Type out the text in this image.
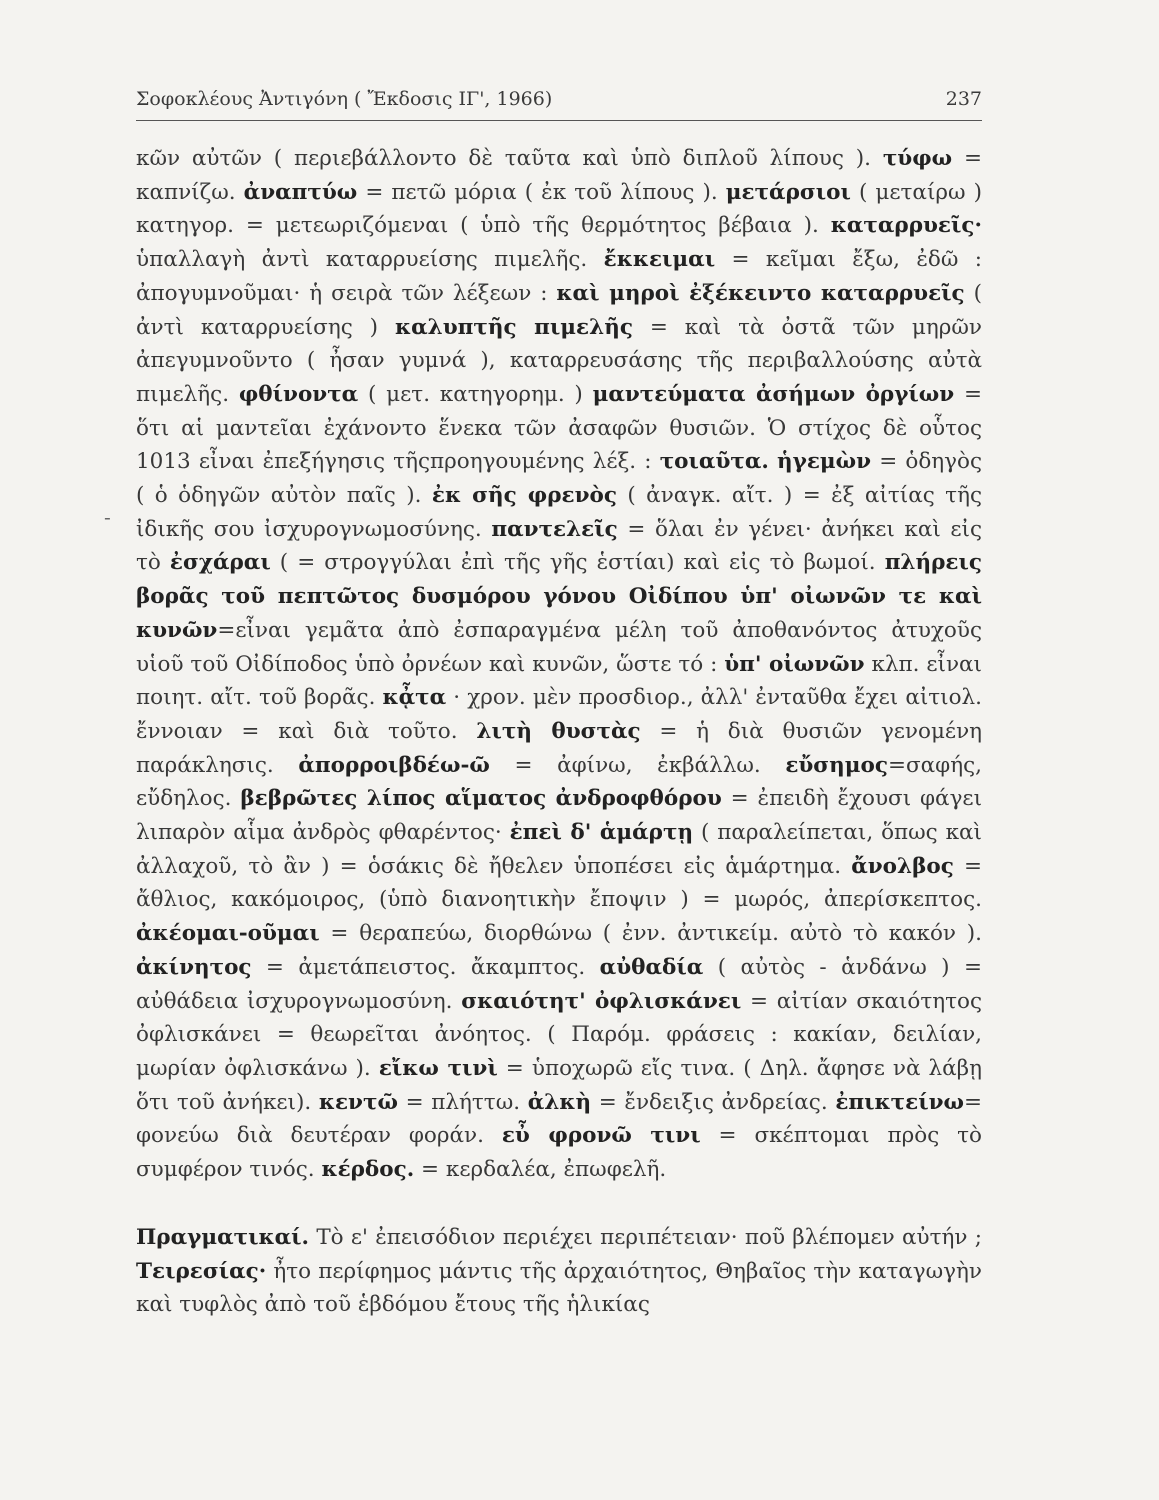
Σοφοκλέους Ἀντιγόνη ( Ἔκδοσις ΙΓ', 1966)	237
-

κῶν αὐτῶν ( περιεβάλλοντο δὲ ταῦτα καὶ ὑπὸ διπλοῦ λίπους ). τύφω = καπνίζω. ἀναπτύω = πετῶ μόρια ( ἐκ τοῦ λίπους ). μετάρσιοι ( μεταίρω ) κατηγορ. = μετεωριζόμεναι ( ὑπὸ τῆς θερμότητος βέβαια ). καταρρυεῖς· ὑπαλλαγὴ ἀντὶ καταρρυείσης πιμελῆς. ἔκκειμαι = κεῖμαι ἔξω, ἐδῶ : ἀπογυμνοῦμαι· ἡ σειρὰ τῶν λέξεων : καὶ μηροὶ ἐξέκειντο καταρρυεῖς ( ἀντὶ καταρρυείσης ) καλυπτῆς πιμελῆς = καὶ τὰ ὀστᾶ τῶν μηρῶν ἀπεγυμνοῦντο ( ἦσαν γυμνά ), καταρρευσάσης τῆς περιβαλλούσης αὐτὰ πιμελῆς. φθίνοντα ( μετ. κατηγορημ. ) μαντεύματα ἀσήμων ὀργίων = ὅτι αἱ μαντεῖαι ἐχάνοντο ἕνεκα τῶν ἀσαφῶν θυσιῶν. Ὁ στίχος δὲ οὗτος 1013 εἶναι ἐπεξήγησις τῆςπροηγουμένης λέξ. : τοιαῦτα. ἡγεμὼν = ὁδηγὸς ( ὁ ὁδηγῶν αὐτὸν παῖς ). ἐκ σῆς φρενὸς ( ἀναγκ. αἴτ. ) = ἐξ αἰτίας τῆς ἰδικῆς σου ἰσχυρογνωμοσύνης. παντελεῖς = ὅλαι ἐν γένει· ἀνήκει καὶ εἰς τὸ ἐσχάραι ( = στρογγύλαι ἐπὶ τῆς γῆς ἑστίαι) καὶ εἰς τὸ βωμοί. πλήρεις βορᾶς τοῦ πεπτῶτος δυσμόρου γόνου Οἰδίπου ὑπ' οἰωνῶν τε καὶ κυνῶν=εἶναι γεμᾶτα ἀπὸ ἐσπαραγμένα μέλη τοῦ ἀποθανόντος ἀτυχοῦς υἱοῦ τοῦ Οἰδίποδος ὑπὸ ὀρνέων καὶ κυνῶν, ὥστε τό : ὑπ' οἰωνῶν κλπ. εἶναι ποιητ. αἴτ. τοῦ βορᾶς. κᾆτα · χρον. μὲν προσδιορ., ἀλλ' ἐνταῦθα ἔχει αἰτιολ. ἔννοιαν = καὶ διὰ τοῦτο. λιτὴ θυστὰς = ἡ διὰ θυσιῶν γενομένη παράκλησις. ἀπορροιβδέω-ῶ = ἀφίνω, ἐκβάλλω. εὔσημος=σαφής, εὔδηλος. βεβρῶτες λίπος αἵματος ἀνδροφθόρου = ἐπειδὴ ἔχουσι φάγει λιπαρὸν αἷμα ἀνδρὸς φθαρέντος· ἐπεὶ δ' ἁμάρτῃ ( παραλείπεται, ὅπως καὶ ἀλλαχοῦ, τὸ ἂν ) = ὁσάκις δὲ ἤθελεν ὑποπέσει εἰς ἁμάρτημα. ἄνολβος = ἄθλιος, κακόμοιρος, (ὑπὸ διανοητικὴν ἔποψιν ) = μωρός, ἀπερίσκεπτος. ἀκέομαι-οῦμαι = θεραπεύω, διορθώνω ( ἐνν. ἀντικείμ. αὐτὸ τὸ κακόν ). ἀκίνητος = ἀμετάπειστος. ἄκαμπτος. αὐθαδία ( αὐτὸς - ἁνδάνω ) = αὐθάδεια ἰσχυρογνωμοσύνη. σκαιότητ' ὀφλισκάνει = αἰτίαν σκαιότητος ὀφλισκάνει = θεωρεῖται ἀνόητος. ( Παρόμ. φράσεις : κακίαν, δειλίαν, μωρίαν ὀφλισκάνω ). εἴκω τινὶ = ὑποχωρῶ εἴς τινα. ( Δηλ. ἄφησε νὰ λάβῃ ὅτι τοῦ ἀνήκει). κεντῶ = πλήττω. ἀλκὴ = ἔνδειξις ἀνδρείας. ἐπικτείνω= φονεύω διὰ δευτέραν φοράν. εὖ φρονῶ τινι = σκέπτομαι πρὸς τὸ συμφέρον τινός. κέρδος. = κερδαλέα, ἐπωφελῆ.

Πραγματικαί. Τὸ ε' ἐπεισόδιον περιέχει περιπέτειαν· ποῦ βλέπομεν αὐτήν ; Τειρεσίας· ἦτο περίφημος μάντις τῆς ἀρχαιότητος, Θηβαῖος τὴν καταγωγὴν καὶ τυφλὸς ἀπὸ τοῦ ἑβδόμου ἔτους τῆς ἡλικίας
